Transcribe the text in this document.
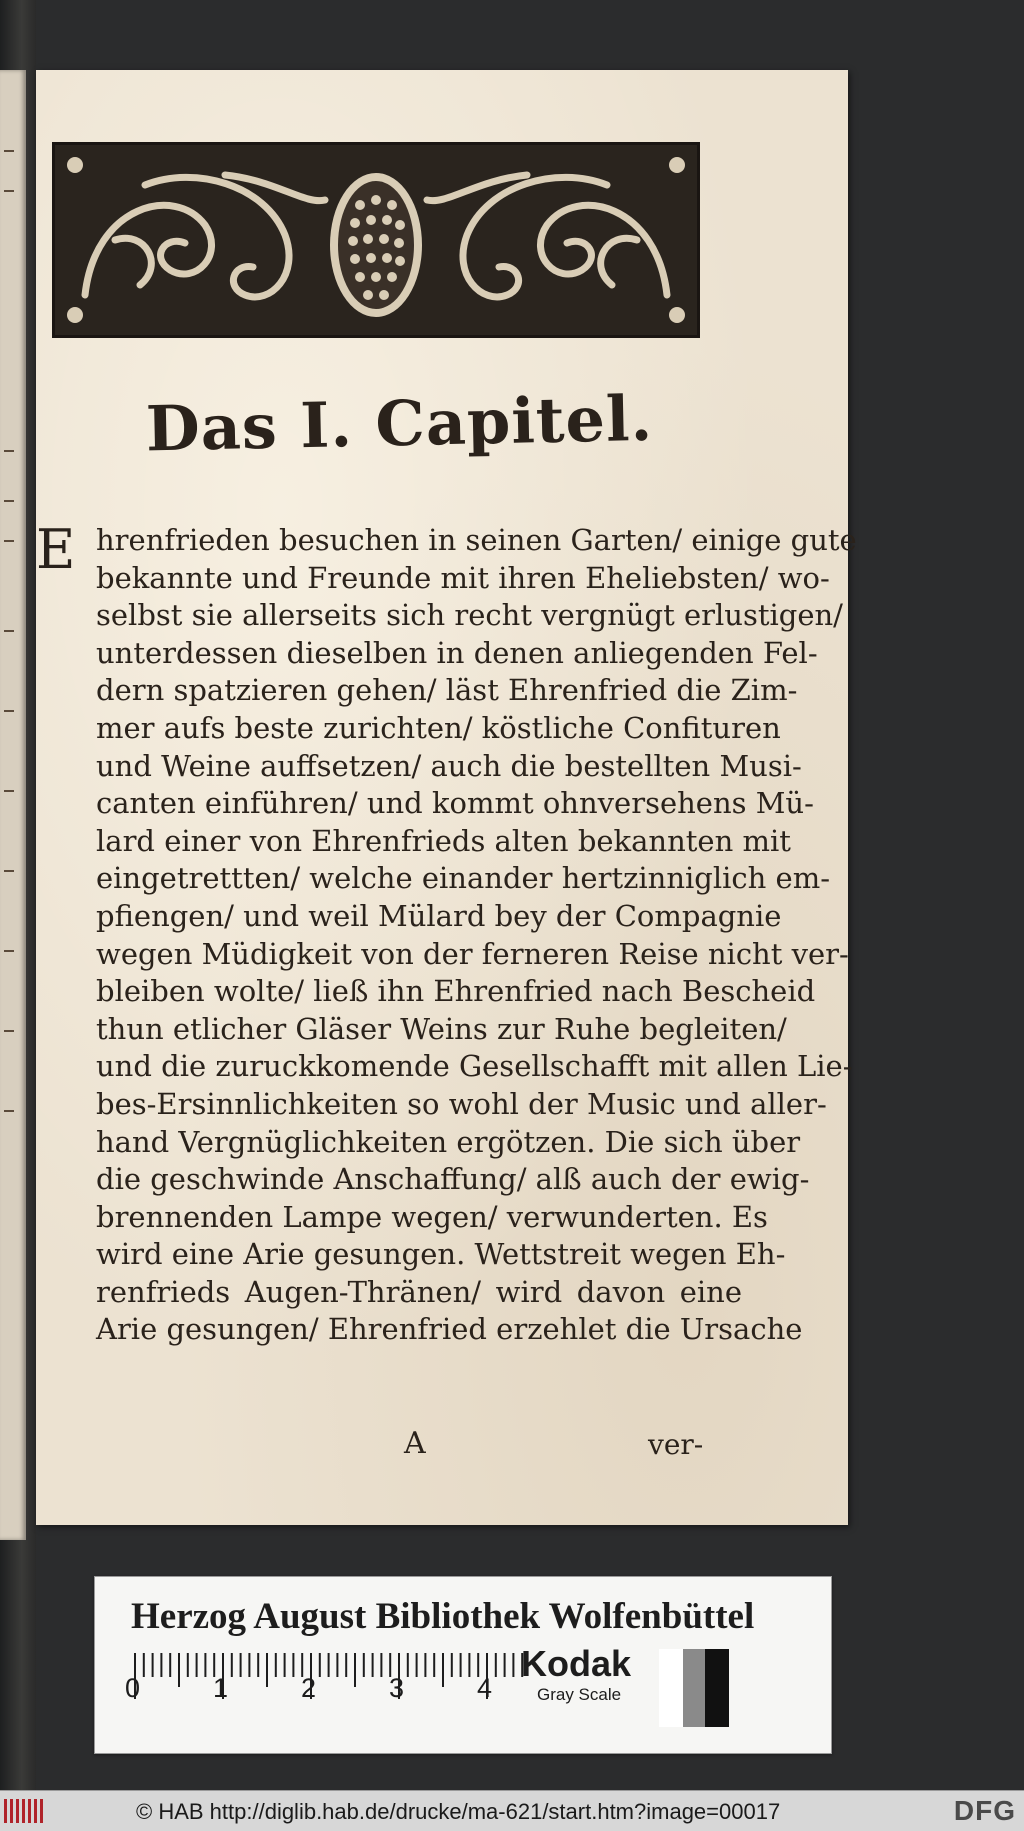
Das I. Capitel.
E hrenfrieden besuchen in seinen Garten/ einige gute
bekannte und Freunde mit ihren Eheliebsten/ wo-
selbst sie allerseits sich recht vergnügt erlustigen/
unterdessen dieselben in denen anliegenden Fel-
dern spatzieren gehen/ läst Ehrenfried die Zim-
mer aufs beste zurichten/ köstliche Confituren
und Weine auffsetzen/ auch die bestellten Musi-
canten einführen/ und kommt ohnversehens Mü-
lard einer von Ehrenfrieds alten bekannten mit
eingetrettten/ welche einander hertzinniglich em-
pfiengen/ und weil Mülard bey der Compagnie
wegen Müdigkeit von der ferneren Reise nicht ver-
bleiben wolte/ ließ ihn Ehrenfried nach Bescheid
thun etlicher Gläser Weins zur Ruhe begleiten/
und die zuruckkomende Gesellschafft mit allen Lie-
bes-Ersinnlichkeiten so wohl der Music und aller-
hand Vergnüglichkeiten ergötzen. Die sich über
die geschwinde Anschaffung/ alß auch der ewig-
brennenden Lampe wegen/ verwunderten. Es
wird eine Arie gesungen. Wettstreit wegen Eh-
renfrieds Augen-Thränen/ wird davon eine
Arie gesungen/ Ehrenfried erzehlet die Ursache
A	ver-
Herzog August Bibliothek Wolfenbüttel
0	1	2	3	4
Kodak
Gray Scale
© HAB http://diglib.hab.de/drucke/ma-621/start.htm?image=00017	DFG
